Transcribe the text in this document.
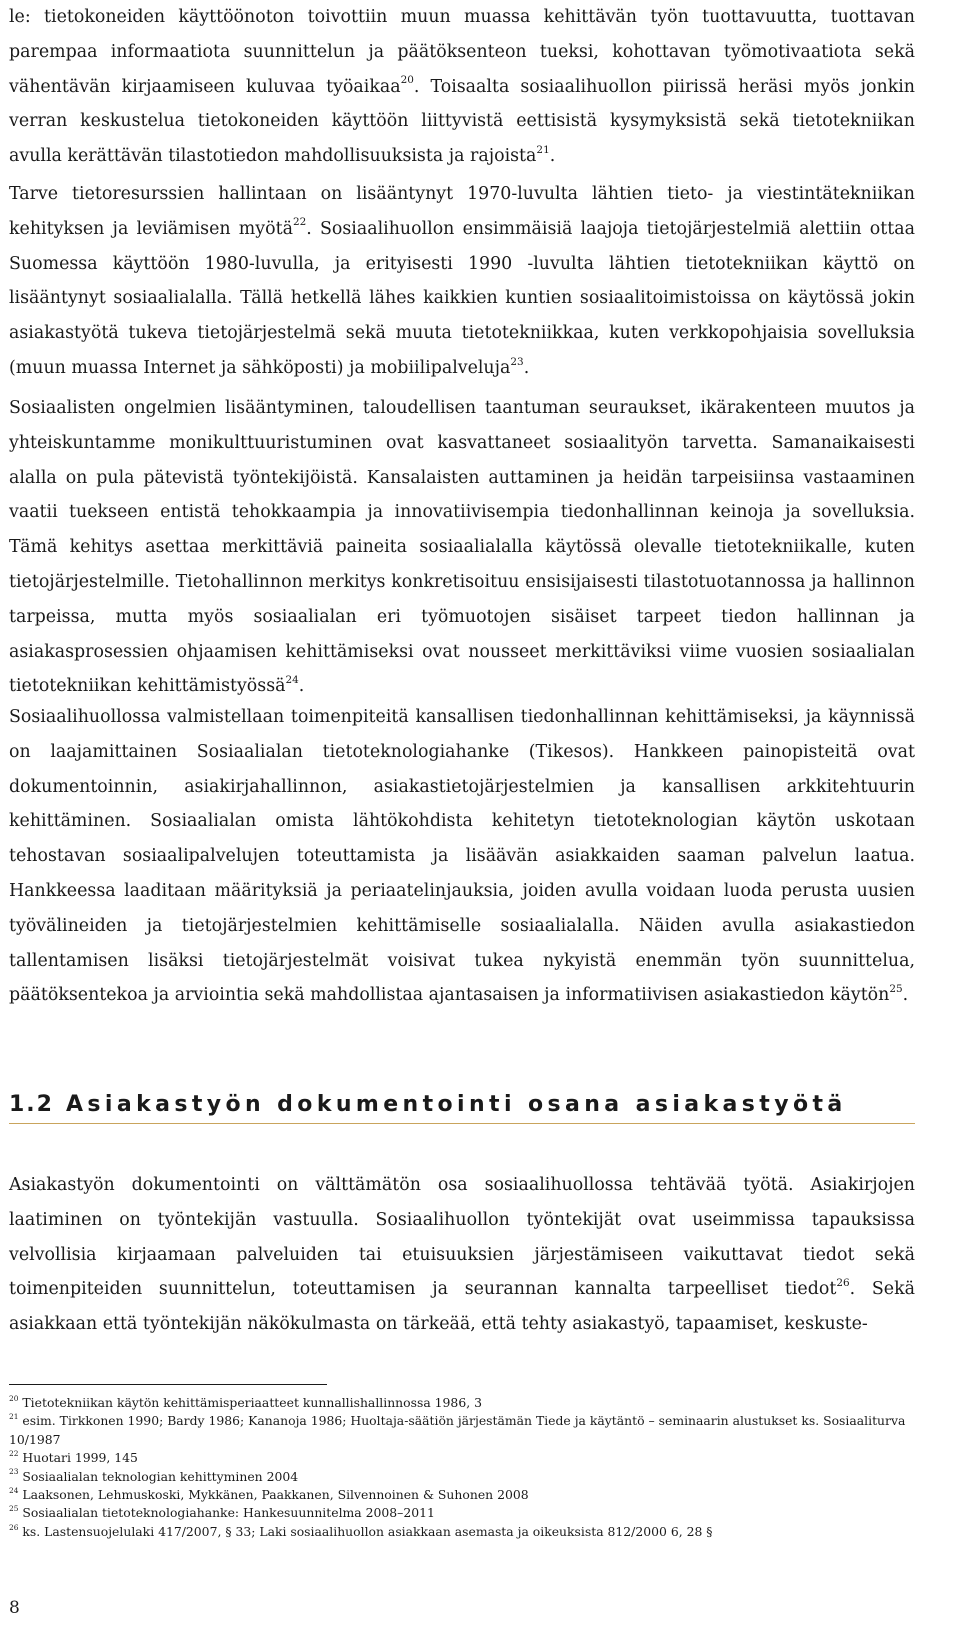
le: tietokoneiden käyttöönoton toivottiin muun muassa kehittävän työn tuottavuutta, tuottavan parempaa informaatiota suunnittelun ja päätöksenteon tueksi, kohottavan työmotivaatiota sekä vähentävän kirjaamiseen kuluvaa työaikaa$^{20}$. Toisaalta sosiaalihuollon piirissä heräsi myös jonkin verran keskustelua tietokoneiden käyttöön liittyvistä eettisistä kysymyksistä sekä tietotekniikan avulla kerättävän tilastotiedon mahdollisuuksista ja rajoista$^{21}$.

Tarve tietoresurssien hallintaan on lisääntynyt 1970-luvulta lähtien tieto- ja viestintätekniikan kehityksen ja leviämisen myötä$^{22}$. Sosiaalihuollon ensimmäisiä laajoja tietojärjestelmiä alettiin ottaa Suomessa käyttöön 1980-luvulla, ja erityisesti 1990 -luvulta lähtien tietotekniikan käyttö on lisääntynyt sosiaalialalla. Tällä hetkellä lähes kaikkien kuntien sosiaalitoimistoissa on käytössä jokin asiakastyötä tukeva tietojärjestelmä sekä muuta tietotekniikkaa, kuten verkkopohjaisia sovelluksia (muun muassa Internet ja sähköposti) ja mobiilipalveluja$^{23}$.

Sosiaalisten ongelmien lisääntyminen, taloudellisen taantuman seuraukset, ikärakenteen muutos ja yhteiskuntamme monikulttuuristuminen ovat kasvattaneet sosiaalityön tarvetta. Samanaikaisesti alalla on pula pätevistä työntekijöistä. Kansalaisten auttaminen ja heidän tarpeisiinsa vastaaminen vaatii tuekseen entistä tehokkaampia ja innovatiivisempia tiedonhallinnan keinoja ja sovelluksia. Tämä kehitys asettaa merkittäviä paineita sosiaalialalla käytössä olevalle tietotekniikalle, kuten tietojärjestelmille. Tietohallinnon merkitys konkretisoituu ensisijaisesti tilastotuotannossa ja hallinnon tarpeissa, mutta myös sosiaalialan eri työmuotojen sisäiset tarpeet tiedon hallinnan ja asiakasprosessien ohjaamisen kehittämiseksi ovat nousseet merkittäviksi viime vuosien sosiaalialan tietotekniikan kehittämistyössä$^{24}$.

Sosiaalihuollossa valmistellaan toimenpiteitä kansallisen tiedonhallinnan kehittämiseksi, ja käynnissä on laajamittainen Sosiaalialan tietoteknologiahanke (Tikesos). Hankkeen painopisteitä ovat dokumentoinnin, asiakirjahallinnon, asiakastietojärjestelmien ja kansallisen arkkitehtuurin kehittäminen. Sosiaalialan omista lähtökohdista kehitetyn tietoteknologian käytön uskotaan tehostavan sosiaalipalvelujen toteuttamista ja lisäävän asiakkaiden saaman palvelun laatua. Hankkeessa laaditaan määrityksiä ja periaatelinjauksia, joiden avulla voidaan luoda perusta uusien työvälineiden ja tietojärjestelmien kehittämiselle sosiaalialalla. Näiden avulla asiakastiedon tallentamisen lisäksi tietojärjestelmät voisivat tukea nykyistä enemmän työn suunnittelua, päätöksentekoa ja arviointia sekä mahdollistaa ajantasaisen ja informatiivisen asiakastiedon käytön$^{25}$.

1.2 Asiakastyön dokumentointi osana asiakastyötä

Asiakastyön dokumentointi on välttämätön osa sosiaalihuollossa tehtävää työtä. Asiakirjojen laatiminen on työntekijän vastuulla. Sosiaalihuollon työntekijät ovat useimmissa tapauksissa velvollisia kirjaamaan palveluiden tai etuisuuksien järjestämiseen vaikuttavat tiedot sekä toimenpiteiden suunnittelun, toteuttamisen ja seurannan kannalta tarpeelliset tiedot$^{26}$. Sekä asiakkaan että työntekijän näkökulmasta on tärkeää, että tehty asiakastyö, tapaamiset, keskuste-

$^{20}$ Tietotekniikan käytön kehittämisperiaatteet kunnallishallinnossa 1986, 3

$^{21}$ esim. Tirkkonen 1990; Bardy 1986; Kananoja 1986; Huoltaja-säätiön järjestämän Tiede ja käytäntö – seminaarin alustukset ks. Sosiaaliturva 10/1987

$^{22}$ Huotari 1999, 145

$^{23}$ Sosiaalialan teknologian kehittyminen 2004

$^{24}$ Laaksonen, Lehmuskoski, Mykkänen, Paakkanen, Silvennoinen & Suhonen 2008

$^{25}$ Sosiaalialan tietoteknologiahanke: Hankesuunnitelma 2008–2011

$^{26}$ ks. Lastensuojelulaki 417/2007, § 33; Laki sosiaalihuollon asiakkaan asemasta ja oikeuksista 812/2000 6, 28 §

8
